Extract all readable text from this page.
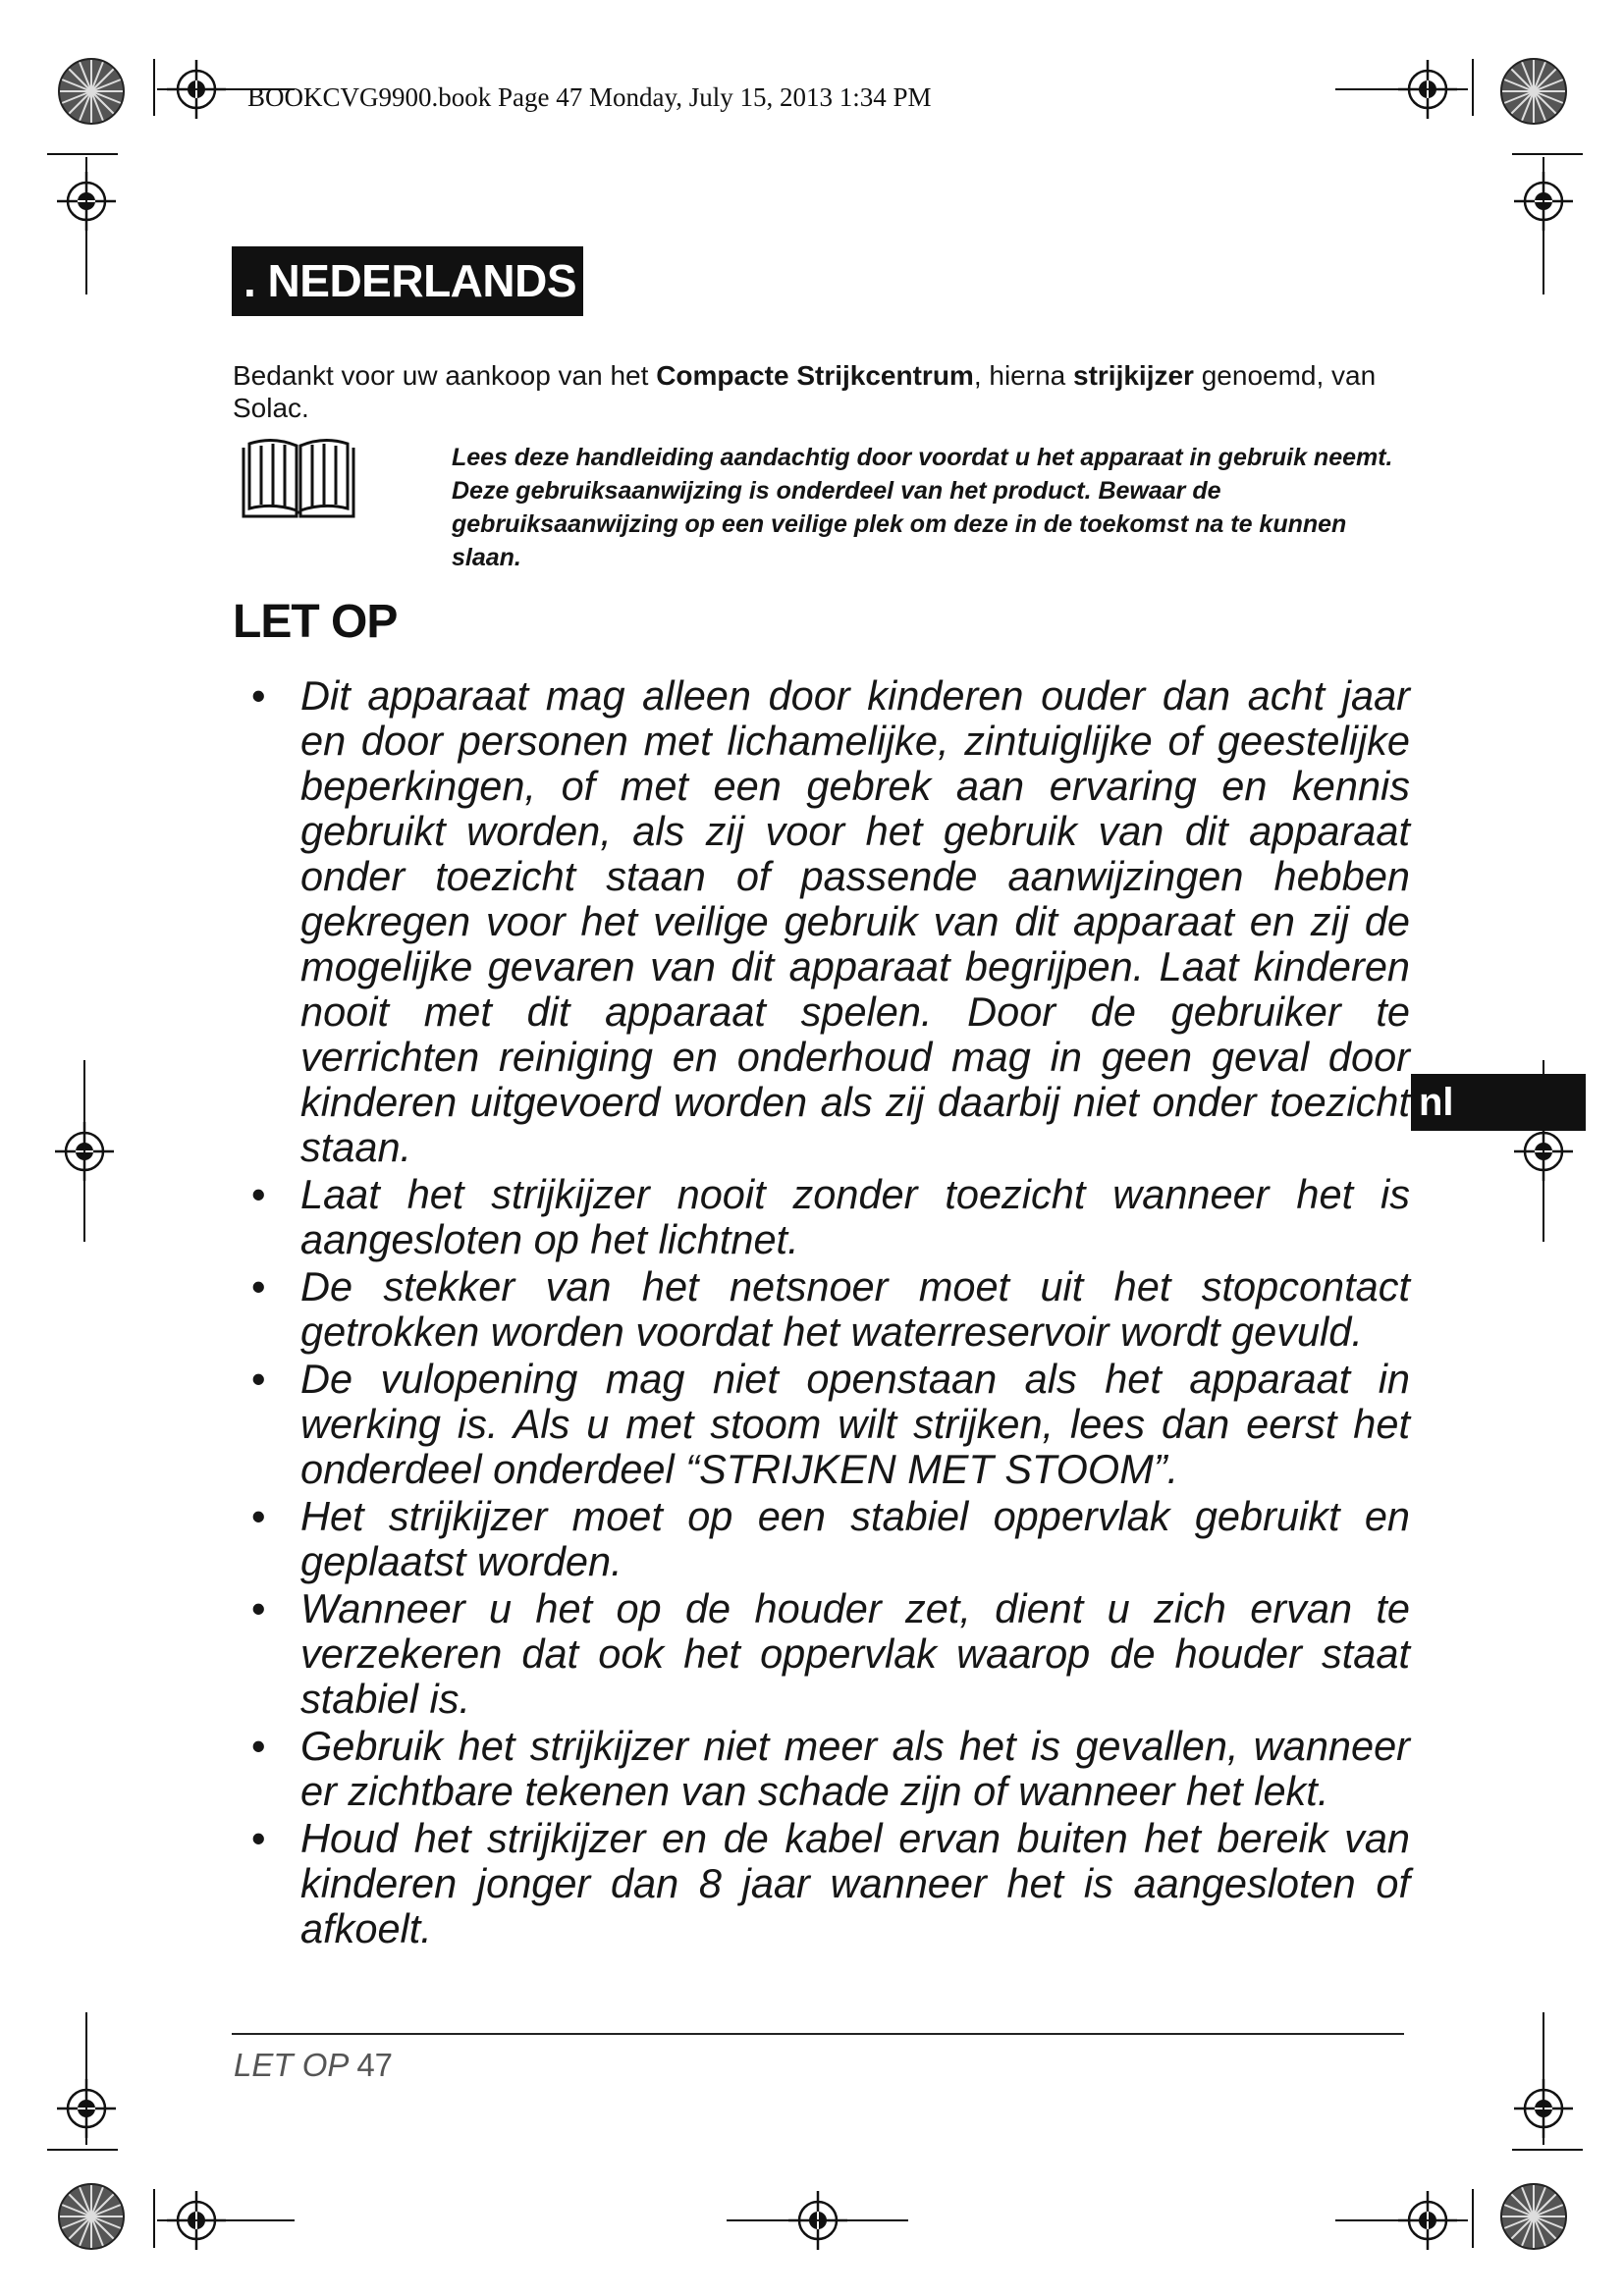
BOOKCVG9900.book Page 47 Monday, July 15, 2013 1:34 PM
. NEDERLANDS
Bedankt voor uw aankoop van het Compacte Strijkcentrum, hierna strijkijzer genoemd, van Solac.
Lees deze handleiding aandachtig door voordat u het apparaat in gebruik neemt. Deze gebruiksaanwijzing is onderdeel van het product. Bewaar de gebruiksaanwijzing op een veilige plek om deze in de toekomst na te kunnen slaan.
LET OP
• Dit apparaat mag alleen door kinderen ouder dan acht jaar en door personen met lichamelijke, zintuiglijke of geestelijke beperkingen, of met een gebrek aan ervaring en kennis gebruikt worden, als zij voor het gebruik van dit apparaat onder toezicht staan of passende aanwijzingen hebben gekregen voor het veilige gebruik van dit apparaat en zij de mogelijke gevaren van dit apparaat begrijpen. Laat kinderen nooit met dit apparaat spelen. Door de gebruiker te verrichten reiniging en onderhoud mag in geen geval door kinderen uitgevoerd worden als zij daarbij niet onder toezicht staan.
• Laat het strijkijzer nooit zonder toezicht wanneer het is aangesloten op het lichtnet.
• De stekker van het netsnoer moet uit het stopcontact getrokken worden voordat het waterreservoir wordt gevuld.
• De vulopening mag niet openstaan als het apparaat in werking is. Als u met stoom wilt strijken, lees dan eerst het onderdeel onderdeel “STRIJKEN MET STOOM”.
• Het strijkijzer moet op een stabiel oppervlak gebruikt en geplaatst worden.
• Wanneer u het op de houder zet, dient u zich ervan te verzekeren dat ook het oppervlak waarop de houder staat stabiel is.
• Gebruik het strijkijzer niet meer als het is gevallen, wanneer er zichtbare tekenen van schade zijn of wanneer het lekt.
• Houd het strijkijzer en de kabel ervan buiten het bereik van kinderen jonger dan 8 jaar wanneer het is aangesloten of afkoelt.
nl
LET OP 47
